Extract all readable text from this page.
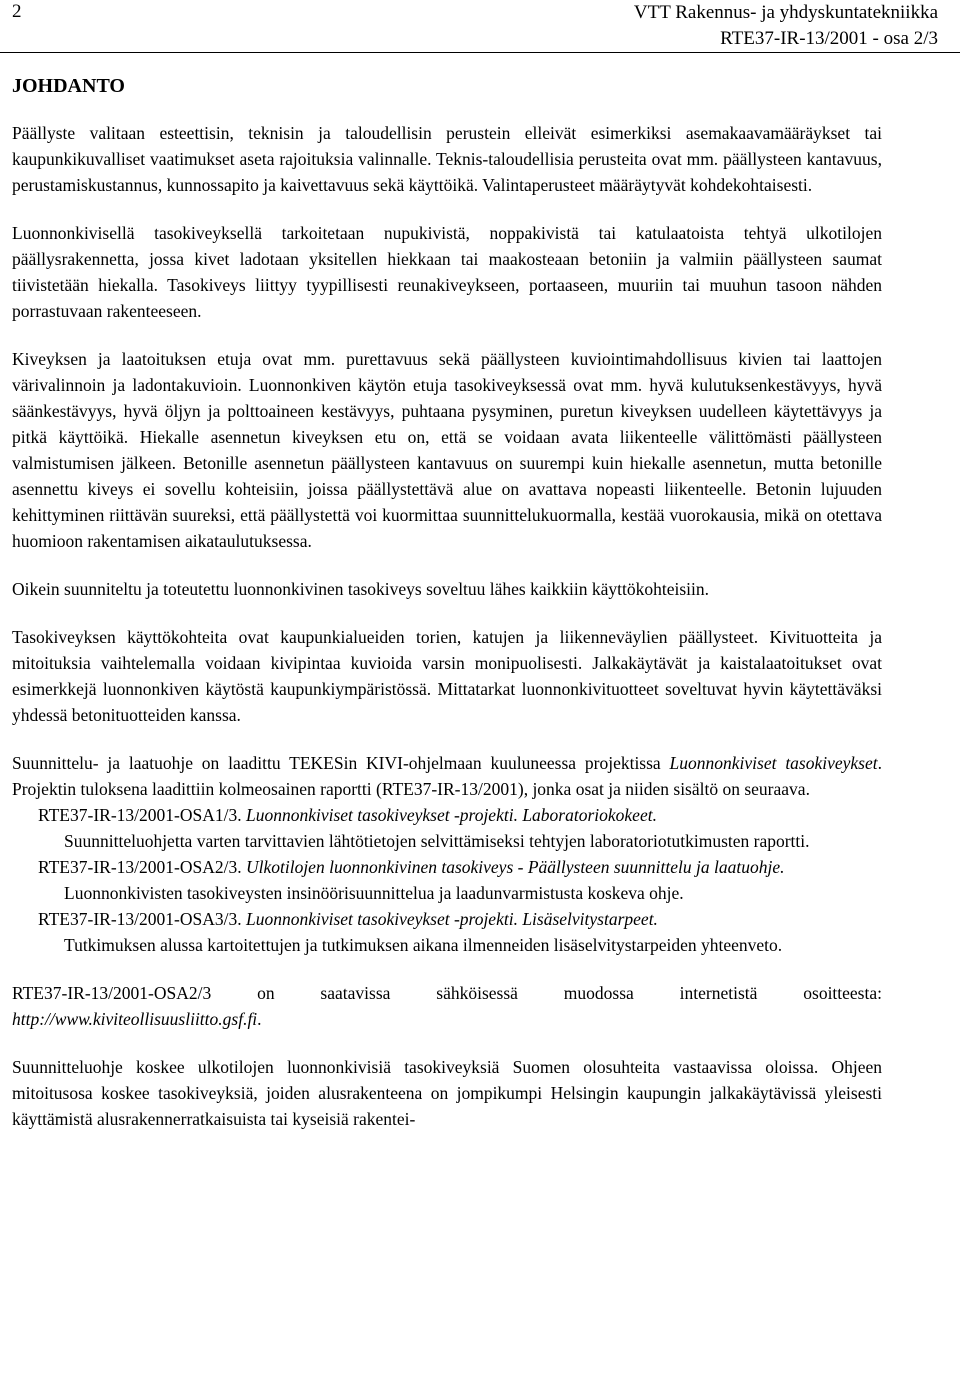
2	VTT Rakennus- ja yhdyskuntatekniikka
RTE37-IR-13/2001 - osa 2/3
JOHDANTO

Päällyste valitaan esteettisin, teknisin ja taloudellisin perustein elleivät esimerkiksi asemakaavamääräykset tai kaupunkikuvalliset vaatimukset aseta rajoituksia valinnalle. Teknis-taloudellisia perusteita ovat mm. päällysteen kantavuus, perustamiskustannus, kunnossapito ja kaivettavuus sekä käyttöikä. Valintaperusteet määräytyvät kohdekohtaisesti.

Luonnonkivisellä tasokiveyksellä tarkoitetaan nupukivistä, noppakivistä tai katulaatoista tehtyä ulkotilojen päällysrakennetta, jossa kivet ladotaan yksitellen hiekkaan tai maakosteaan betoniin ja valmiin päällysteen saumat tiivistetään hiekalla. Tasokiveys liittyy tyypillisesti reunakiveykseen, portaaseen, muuriin tai muuhun tasoon nähden porrastuvaan rakenteeseen.

Kiveyksen ja laatoituksen etuja ovat mm. purettavuus sekä päällysteen kuviointimahdollisuus kivien tai laattojen värivalinnoin ja ladontakuvioin. Luonnonkiven käytön etuja tasokiveyksessä ovat mm. hyvä kulutuksenkestävyys, hyvä säänkestävyys, hyvä öljyn ja polttoaineen kestävyys, puhtaana pysyminen, puretun kiveyksen uudelleen käytettävyys ja pitkä käyttöikä. Hiekalle asennetun kiveyksen etu on, että se voidaan avata liikenteelle välittömästi päällysteen valmistumisen jälkeen. Betonille asennetun päällysteen kantavuus on suurempi kuin hiekalle asennetun, mutta betonille asennettu kiveys ei sovellu kohteisiin, joissa päällystettävä alue on avattava nopeasti liikenteelle. Betonin lujuuden kehittyminen riittävän suureksi, että päällystettä voi kuormittaa suunnittelukuormalla, kestää vuorokausia, mikä on otettava huomioon rakentamisen aikataulutuksessa.

Oikein suunniteltu ja toteutettu luonnonkivinen tasokiveys soveltuu lähes kaikkiin käyttökohteisiin.

Tasokiveyksen käyttökohteita ovat kaupunkialueiden torien, katujen ja liikenneväylien päällysteet. Kivituotteita ja mitoituksia vaihtelemalla voidaan kivipintaa kuvioida varsin monipuolisesti. Jalkakäytävät ja kaistalaatoitukset ovat esimerkkejä luonnonkiven käytöstä kaupunkiympäristössä. Mittatarkat luonnonkivituotteet soveltuvat hyvin käytettäväksi yhdessä betonituotteiden kanssa.

Suunnittelu- ja laatuohje on laadittu TEKESin KIVI-ohjelmaan kuuluneessa projektissa Luonnonkiviset tasokiveykset. Projektin tuloksena laadittiin kolmeosainen raportti (RTE37-IR-13/2001), jonka osat ja niiden sisältö on seuraava.

RTE37-IR-13/2001-OSA1/3. Luonnonkiviset tasokiveykset -projekti. Laboratoriokokeet.
Suunnitteluohjetta varten tarvittavien lähtötietojen selvittämiseksi tehtyjen laboratoriotutkimusten raportti.
RTE37-IR-13/2001-OSA2/3. Ulkotilojen luonnonkivinen tasokiveys - Päällysteen suunnittelu ja laatuohje.
Luonnonkivisten tasokiveysten insinöörisuunnittelua ja laadunvarmistusta koskeva ohje.
RTE37-IR-13/2001-OSA3/3. Luonnonkiviset tasokiveykset -projekti. Lisäselvitystarpeet.
Tutkimuksen alussa kartoitettujen ja tutkimuksen aikana ilmenneiden lisäselvitystarpeiden yhteenveto.

RTE37-IR-13/2001-OSA2/3 on saatavissa sähköisessä muodossa internetistä osoitteesta: http://www.kiviteollisuusliitto.gsf.fi.

Suunnitteluohje koskee ulkotilojen luonnonkivisiä tasokiveyksiä Suomen olosuhteita vastaavissa oloissa. Ohjeen mitoitusosa koskee tasokiveyksiä, joiden alusrakenteena on jompikumpi Helsingin kaupungin jalkakäytävissä yleisesti käyttämistä alusrakennerratkaisuista tai kyseisiä rakentei-
